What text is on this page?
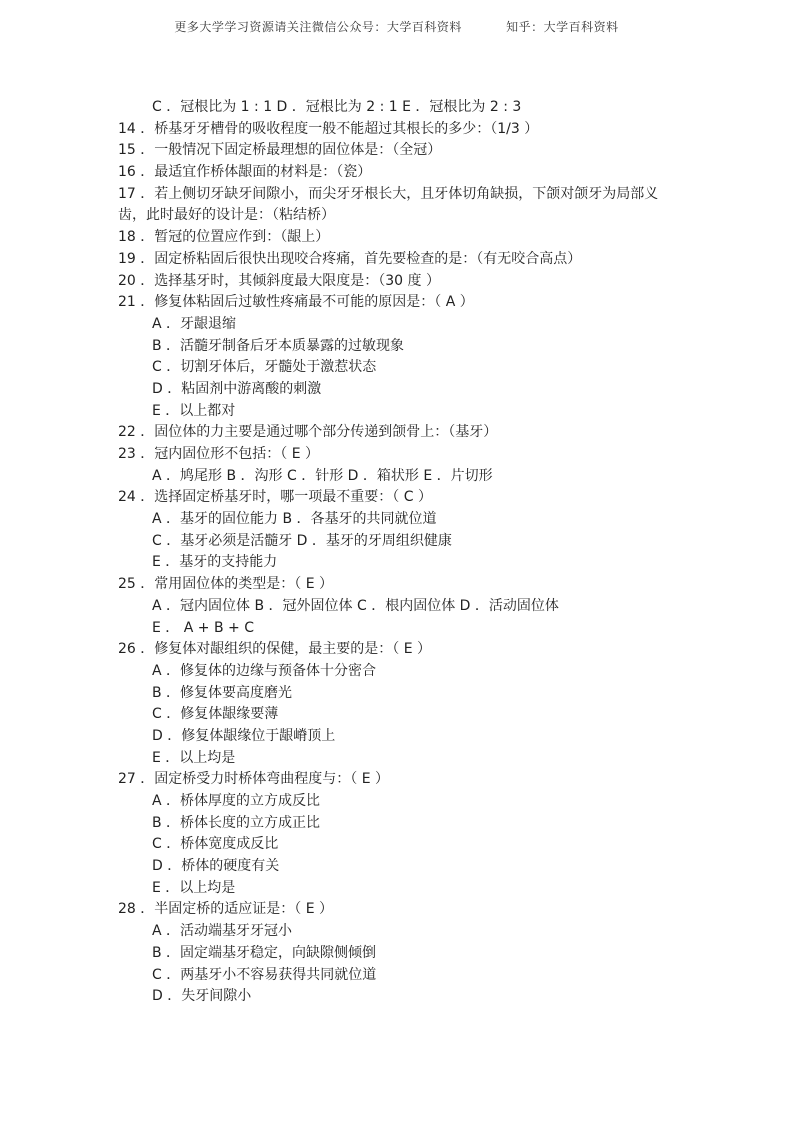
更多大学学习资源请关注微信公众号：大学百科资料	知乎：大学百科资料
C ．冠根比为 1 : 1 D ．冠根比为 2 : 1 E ．冠根比为 2 : 3
14 ．桥基牙牙槽骨的吸收程度一般不能超过其根长的多少：（1/3 ）
15 ．一般情况下固定桥最理想的固位体是：（全冠）
16 ．最适宜作桥体龈面的材料是：（瓷）
17 ．若上侧切牙缺牙间隙小，而尖牙牙根长大，且牙体切角缺损，下颌对颌牙为局部义齿，此时最好的设计是：（粘结桥）
18 ．暂冠的位置应作到：（龈上）
19 ．固定桥粘固后很快出现咬合疼痛，首先要检查的是：（有无咬合高点）
20 ．选择基牙时，其倾斜度最大限度是：（30 度 ）
21 ．修复体粘固后过敏性疼痛最不可能的原因是：（ A ）
A ．牙龈退缩
B ．活髓牙制备后牙本质暴露的过敏现象
C ．切割牙体后，牙髓处于激惹状态
D ．粘固剂中游离酸的刺激
E ．以上都对
22 ．固位体的力主要是通过哪个部分传递到颌骨上：（基牙）
23 ．冠内固位形不包括：（ E ）
A ．鸠尾形 B ．沟形 C ．针形 D ．箱状形 E ．片切形
24 ．选择固定桥基牙时，哪一项最不重要：（ C ）
A ．基牙的固位能力 B ．各基牙的共同就位道
C ．基牙必须是活髓牙 D ．基牙的牙周组织健康
E ．基牙的支持能力
25 ．常用固位体的类型是：（ E ）
A ．冠内固位体 B ．冠外固位体 C ．根内固位体 D ．活动固位体
E ． A + B + C
26 ．修复体对龈组织的保健，最主要的是：（ E ）
A ．修复体的边缘与预备体十分密合
B ．修复体要高度磨光
C ．修复体龈缘要薄
D ．修复体龈缘位于龈嵴顶上
E ．以上均是
27 ．固定桥受力时桥体弯曲程度与：（ E ）
A ．桥体厚度的立方成反比
B ．桥体长度的立方成正比
C ．桥体宽度成反比
D ．桥体的硬度有关
E ．以上均是
28 ．半固定桥的适应证是：（ E ）
A ．活动端基牙牙冠小
B ．固定端基牙稳定，向缺隙侧倾倒
C ．两基牙小不容易获得共同就位道
D ．失牙间隙小
